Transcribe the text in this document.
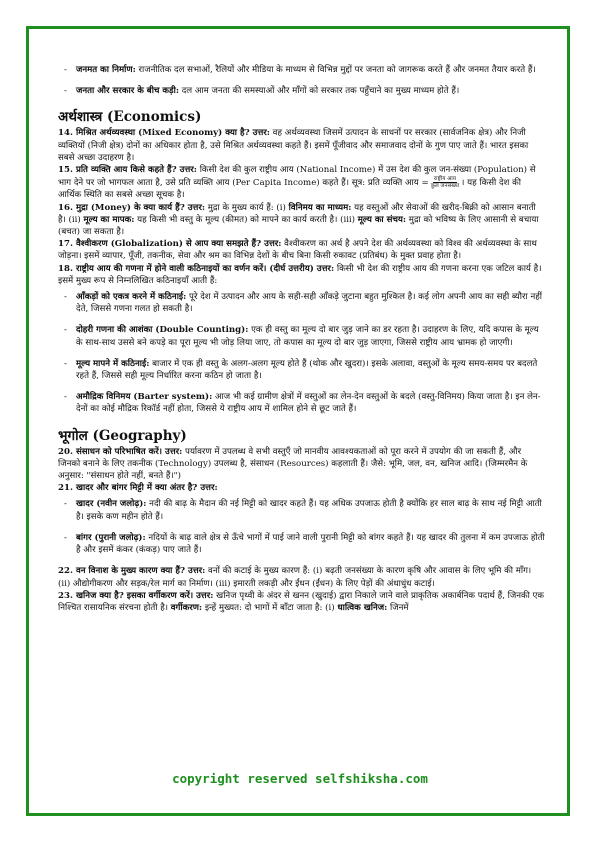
-	जनमत का निर्माण: राजनीतिक दल सभाओं, रैलियों और मीडिया के माध्यम से विभिन्न मुद्दों पर जनता को जागरूक करते हैं और जनमत तैयार करते हैं।
-	जनता और सरकार के बीच कड़ी: दल आम जनता की समस्याओं और माँगों को सरकार तक पहुँचाने का मुख्य माध्यम होते हैं।
अर्थशास्त्र (Economics)

14. मिश्रित अर्थव्यवस्था (Mixed Economy) क्या है? उत्तर: वह अर्थव्यवस्था जिसमें उत्पादन के साधनों पर सरकार (सार्वजनिक क्षेत्र) और निजी व्यक्तियों (निजी क्षेत्र) दोनों का अधिकार होता है, उसे मिश्रित अर्थव्यवस्था कहते हैं। इसमें पूँजीवाद और समाजवाद दोनों के गुण पाए जाते हैं। भारत इसका सबसे अच्छा उदाहरण है।

15. प्रति व्यक्ति आय किसे कहते हैं? उत्तर: किसी देश की कुल राष्ट्रीय आय (National Income) में उस देश की कुल जन-संख्या (Population) से भाग देने पर जो भागफल आता है, उसे प्रति व्यक्ति आय (Per Capita Income) कहते हैं। सूत्र: प्रति व्यक्ति आय = $\frac{\text{राष्ट्रीय आय}}{\text{कुल जनसंख्या}}$ । यह किसी देश की आर्थिक स्थिति का सबसे अच्छा सूचक है।

16. मुद्रा (Money) के क्या कार्य हैं? उत्तर: मुद्रा के मुख्य कार्य हैं: (i) विनिमय का माध्यम: यह वस्तुओं और सेवाओं की खरीद-बिक्री को आसान बनाती है। (ii) मूल्य का मापक: यह किसी भी वस्तु के मूल्य (कीमत) को मापने का कार्य करती है। (iii) मूल्य का संचय: मुद्रा को भविष्य के लिए आसानी से बचाया (बचत) जा सकता है।

17. वैश्वीकरण (Globalization) से आप क्या समझते हैं? उत्तर: वैश्वीकरण का अर्थ है अपने देश की अर्थव्यवस्था को विश्व की अर्थव्यवस्था के साथ जोड़ना। इसमें व्यापार, पूँजी, तकनीक, सेवा और श्रम का विभिन्न देशों के बीच बिना किसी रुकावट (प्रतिबंध) के मुक्त प्रवाह होता है।

18. राष्ट्रीय आय की गणना में होने वाली कठिनाइयों का वर्णन करें। (दीर्घ उत्तरीय) उत्तर: किसी भी देश की राष्ट्रीय आय की गणना करना एक जटिल कार्य है। इसमें मुख्य रूप से निम्नलिखित कठिनाइयाँ आती हैं:

-	आँकड़ों को एकत्र करने में कठिनाई: पूरे देश में उत्पादन और आय के सही-सही आँकड़े जुटाना बहुत मुश्किल है। कई लोग अपनी आय का सही ब्यौरा नहीं देते, जिससे गणना गलत हो सकती है।
-	दोहरी गणना की आशंका (Double Counting): एक ही वस्तु का मूल्य दो बार जुड़ जाने का डर रहता है। उदाहरण के लिए, यदि कपास के मूल्य के साथ-साथ उससे बने कपड़े का पूरा मूल्य भी जोड़ लिया जाए, तो कपास का मूल्य दो बार जुड़ जाएगा, जिससे राष्ट्रीय आय भ्रामक हो जाएगी।
-	मूल्य मापने में कठिनाई: बाजार में एक ही वस्तु के अलग-अलग मूल्य होते हैं (थोक और खुदरा)। इसके अलावा, वस्तुओं के मूल्य समय-समय पर बदलते रहते हैं, जिससे सही मूल्य निर्धारित करना कठिन हो जाता है।
-	अमौद्रिक विनिमय (Barter system): आज भी कई ग्रामीण क्षेत्रों में वस्तुओं का लेन-देन वस्तुओं के बदले (वस्तु-विनिमय) किया जाता है। इन लेन-देनों का कोई मौद्रिक रिकॉर्ड नहीं होता, जिससे ये राष्ट्रीय आय में शामिल होने से छूट जाते हैं।
भूगोल (Geography)

20. संसाधन को परिभाषित करें। उत्तर: पर्यावरण में उपलब्ध वे सभी वस्तुएँ जो मानवीय आवश्यकताओं को पूरा करने में उपयोग की जा सकती हैं, और जिनको बनाने के लिए तकनीक (Technology) उपलब्ध है, संसाधन (Resources) कहलाती हैं। जैसे: भूमि, जल, वन, खनिज आदि। (जिम्मरमैन के अनुसार: "संसाधन होते नहीं, बनते हैं।")

21. खादर और बांगर मिट्टी में क्या अंतर है? उत्तर:

-	खादर (नवीन जलोढ़): नदी की बाढ़ के मैदान की नई मिट्टी को खादर कहते हैं। यह अधिक उपजाऊ होती है क्योंकि हर साल बाढ़ के साथ नई मिट्टी आती है। इसके कण महीन होते हैं।
-	बांगर (पुरानी जलोढ़): नदियों के बाढ़ वाले क्षेत्र से ऊँचे भागों में पाई जाने वाली पुरानी मिट्टी को बांगर कहते हैं। यह खादर की तुलना में कम उपजाऊ होती है और इसमें कंकर (कंकड़) पाए जाते हैं।

22. वन विनाश के मुख्य कारण क्या हैं? उत्तर: वनों की कटाई के मुख्य कारण हैं: (i) बढ़ती जनसंख्या के कारण कृषि और आवास के लिए भूमि की माँग। (ii) औद्योगीकरण और सड़क/रेल मार्ग का निर्माण। (iii) इमारती लकड़ी और ईंधन (ईंधन) के लिए पेड़ों की अंधाधुंध कटाई।

23. खनिज क्या है? इसका वर्गीकरण करें। उत्तर: खनिज पृथ्वी के अंदर से खनन (खुदाई) द्वारा निकाले जाने वाले प्राकृतिक अकार्बनिक पदार्थ हैं, जिनकी एक निश्चित रासायनिक संरचना होती है। वर्गीकरण: इन्हें मुख्यत: दो भागों में बाँटा जाता है: (i) धात्विक खनिज: जिनमें

copyright reserved selfshiksha.com
